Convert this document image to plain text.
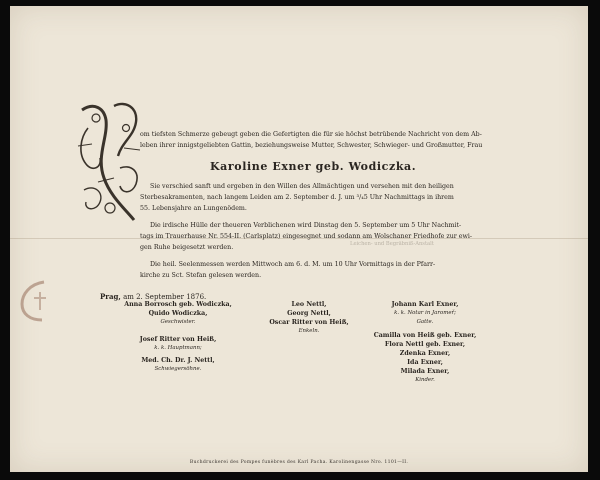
om tiefsten Schmerze gebeugt geben die Gefertigten die für sie höchst betrübende Nachricht von dem Ab-
leben ihrer innigstgeliebten Gattin, beziehungsweise Mutter, Schwester, Schwieger- und Großmutter, Frau
Karoline Exner geb. Wodiczka.
Sie verschied sanft und ergeben in den Willen des Allmächtigen und versehen mit den heiligen
Sterbesakramenten, nach langem Leiden am 2. September d. J. um ³/₄5 Uhr Nachmittags in ihrem
55. Lebensjahre an Lungenödem.
Die irdische Hülle der theueren Verblichenen wird Dinstag den 5. September um 5 Uhr Nachmit-
tags im Trauerhause Nr. 554-II. (Carlsplatz) eingesegnet und sodann am Wolschaner Friedhofe zur ewi-
gen Ruhe beigesetzt werden.	Leichen- und Begräbniß-Anstalt
Die heil. Seelenmessen werden Mittwoch am 6. d. M. um 10 Uhr Vormittags in der Pfarr-
kirche zu Sct. Stefan gelesen werden.
Prag, am 2. September 1876.
Anna Borrosch geb. Wodiczka,
Quido Wodiczka,
Geschwister.
Josef Ritter von Heiß,
k. k. Hauptmann;
Med. Ch. Dr. J. Nettl,
Schwiegersöhne.
Leo Nettl,
Georg Nettl,
Oscar Ritter von Heiß,
Enkeln.
Johann Karl Exner,
k. k. Notar in Jaromeř;
Gatte.
Camilla von Heiß geb. Exner,
Flora Nettl geb. Exner,
Zdenka Exner,
Ida Exner,
Milada Exner,
Kinder.
Buchdruckerei des Pompes funèbres des Karl Pacha. Karolinengasse Nro. 1101—II.
